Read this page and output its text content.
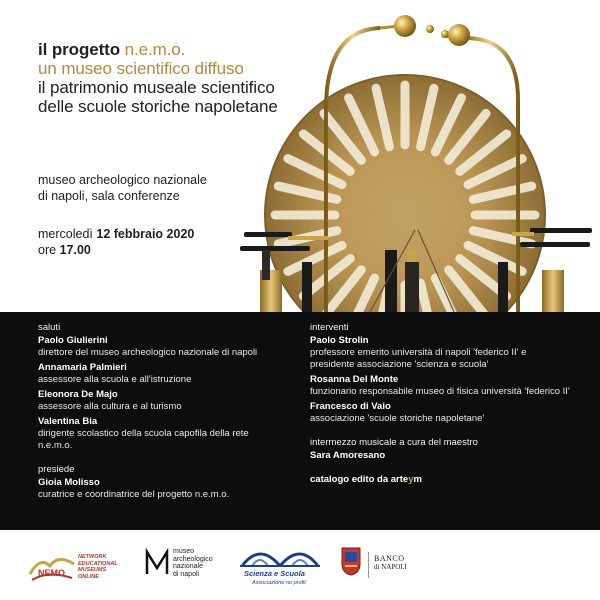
il progetto n.e.m.o.
un museo scientifico diffuso
il patrimonio museale scientifico
delle scuole storiche napoletane
museo archeologico nazionale
di napoli, sala conferenze
mercoledì 12 febbraio 2020
ore 17.00
saluti
Paolo Giulierini
direttore del museo archeologico nazionale di napoli
Annamaria Palmieri
assessore alla scuola e all'istruzione
Eleonora De Majo
assessore alla cultura e al turismo
Valentina Bia
dirigente scolastico della scuola capofila della rete n.e.m.o.
presiede
Gioia Molisso
curatrice e coordinatrice del progetto n.e.m.o.
interventi
Paolo Strolin
professore emerito università di napoli 'federico II' e presidente associazione 'scienza e scuola'
Rosanna Del Monte
funzionario responsabile museo di fisica università 'federico II'
Francesco di Vaio
associazione 'scuole storiche napoletane'
intermezzo musicale a cura del maestro
Sara Amoresano
catalogo edito da arteym
NEMO
NETWORK
EDUCATIONAL
MUSEUMS
ONLINE
museo
archeologico
nazionale
di napoli	Scienza e Scuola
Associazione no profit
BANCO
di NAPOLI
